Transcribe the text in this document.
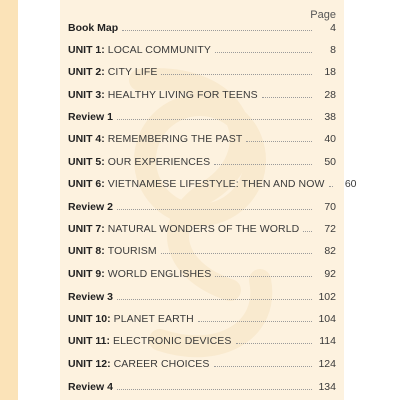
Page
Book Map	4
UNIT 1: LOCAL COMMUNITY	8
UNIT 2: CITY LIFE	18
UNIT 3: HEALTHY LIVING FOR TEENS	28
Review 1	38
UNIT 4: REMEMBERING THE PAST	40
UNIT 5: OUR EXPERIENCES	50
UNIT 6: VIETNAMESE LIFESTYLE: THEN AND NOW	60
Review 2	70
UNIT 7: NATURAL WONDERS OF THE WORLD	72
UNIT 8: TOURISM	82
UNIT 9: WORLD ENGLISHES	92
Review 3	102
UNIT 10: PLANET EARTH	104
UNIT 11: ELECTRONIC DEVICES	114
UNIT 12: CAREER CHOICES	124
Review 4	134
